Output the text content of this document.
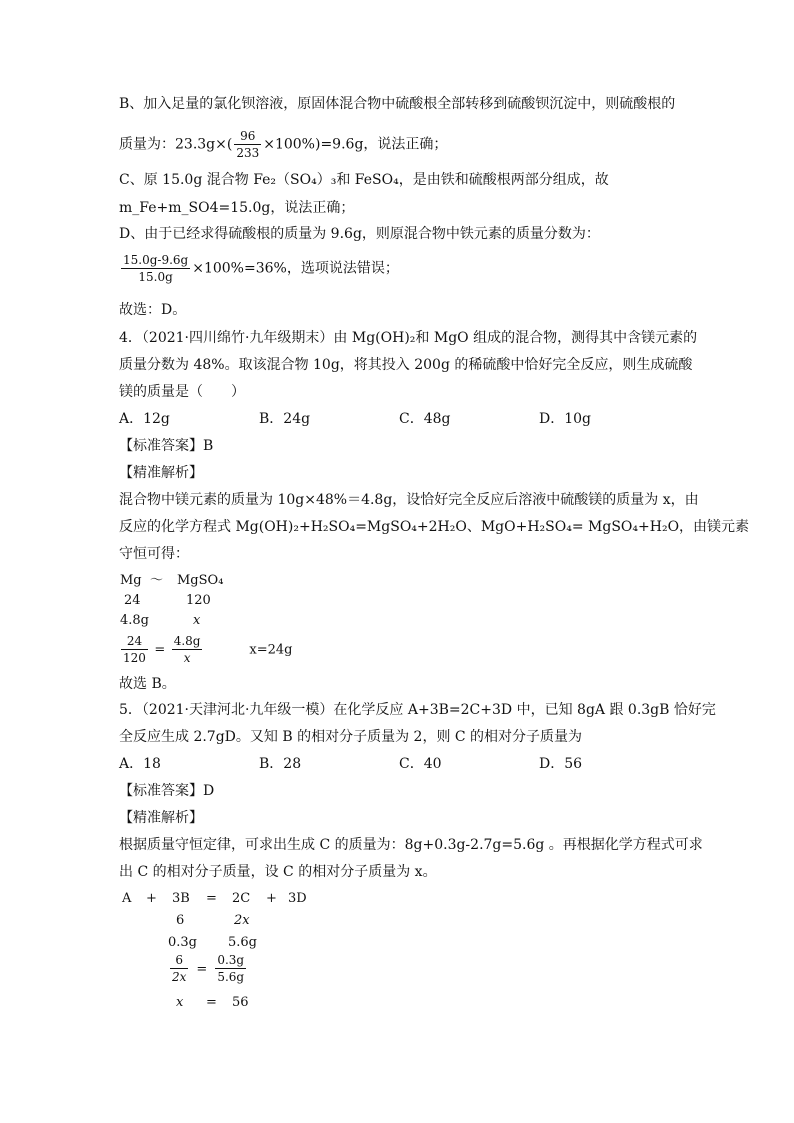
B、加入足量的氯化钡溶液，原固体混合物中硫酸根全部转移到硫酸钡沉淀中，则硫酸根的
质量为：$23.3g\times( \frac{96}{233} \times 100\%)=9.6g$，说法正确；
C、原 15.0g 混合物 Fe₂（SO₄）₃和 FeSO₄，是由铁和硫酸根两部分组成，故
m_Fe+m_SO4=15.0g，说法正确；
D、由于已经求得硫酸根的质量为 9.6g，则原混合物中铁元素的质量分数为：
$\frac{15.0g-9.6g}{15.0g} \times 100\%=36\%$，选项说法错误；
故选：D。
4．（2021·四川绵竹·九年级期末）由 Mg(OH)₂和 MgO 组成的混合物，测得其中含镁元素的
质量分数为 48%。取该混合物 10g，将其投入 200g 的稀硫酸中恰好完全反应，则生成硫酸
镁的质量是（　　）
A．12g	B．24g	C．48g	D．10g
【标准答案】B
【精准解析】
混合物中镁元素的质量为 10g×48%＝4.8g，设恰好完全反应后溶液中硫酸镁的质量为 x，由
反应的化学方程式 Mg(OH)₂+H₂SO₄=MgSO₄+2H₂O、MgO+H₂SO₄= MgSO₄+H₂O，由镁元素
守恒可得：
Mg ～ MgSO₄
24	120
4.8g	x
$\frac{24}{120} = \frac{4.8g}{x}$	x=24g
故选 B。
5．（2021·天津河北·九年级一模）在化学反应 A+3B=2C+3D 中，已知 8gA 跟 0.3gB 恰好完
全反应生成 2.7gD。又知 B 的相对分子质量为 2，则 C 的相对分子质量为
A．18	B．28	C．40	D．56
【标准答案】D
【精准解析】
根据质量守恒定律，可求出生成 C 的质量为：8g+0.3g-2.7g=5.6g 。再根据化学方程式可求
出 C 的相对分子质量，设 C 的相对分子质量为 x。
A + 3B = 2C + 3D
6	2x
0.3g 5.6g
$\frac{6}{2x} = \frac{0.3g}{5.6g}$
x = 56
